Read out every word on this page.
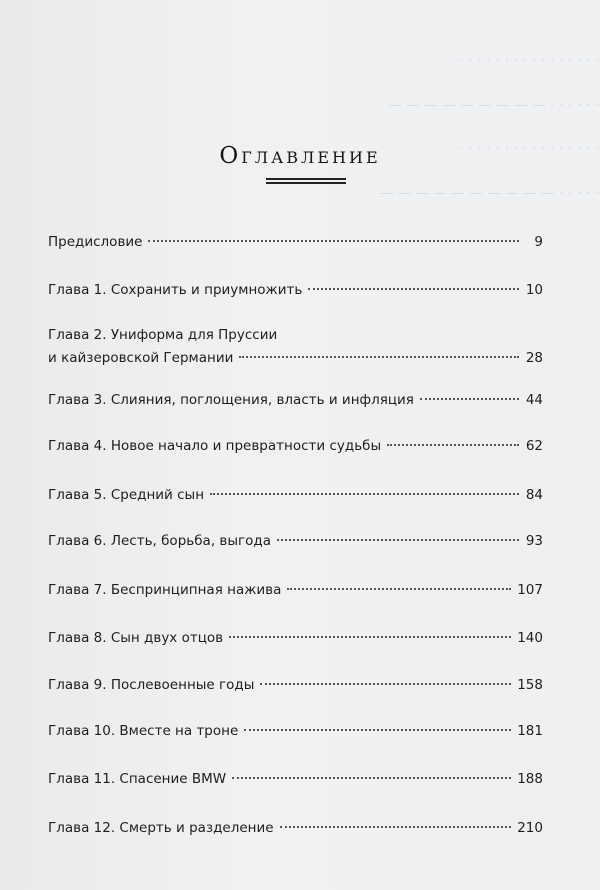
· · · · · · · · · · · · · · · ·
— — — — — — — — — · · · · · ·
· · · · · · · · · · · · · · · ·
— — — — — — — — — — · · · · ·
Оглавление
Предисловие	9
Глава 1. Сохранить и приумножить	10
Глава 2. Униформа для Пруссии
и кайзеровской Германии	28
Глава 3. Слияния, поглощения, власть и инфляция	44
Глава 4. Новое начало и превратности судьбы	62
Глава 5. Средний сын	84
Глава 6. Лесть, борьба, выгода	93
Глава 7. Беспринципная нажива	107
Глава 8. Сын двух отцов	140
Глава 9. Послевоенные годы	158
Глава 10. Вместе на троне	181
Глава 11. Спасение BMW	188
Глава 12. Смерть и разделение	210
